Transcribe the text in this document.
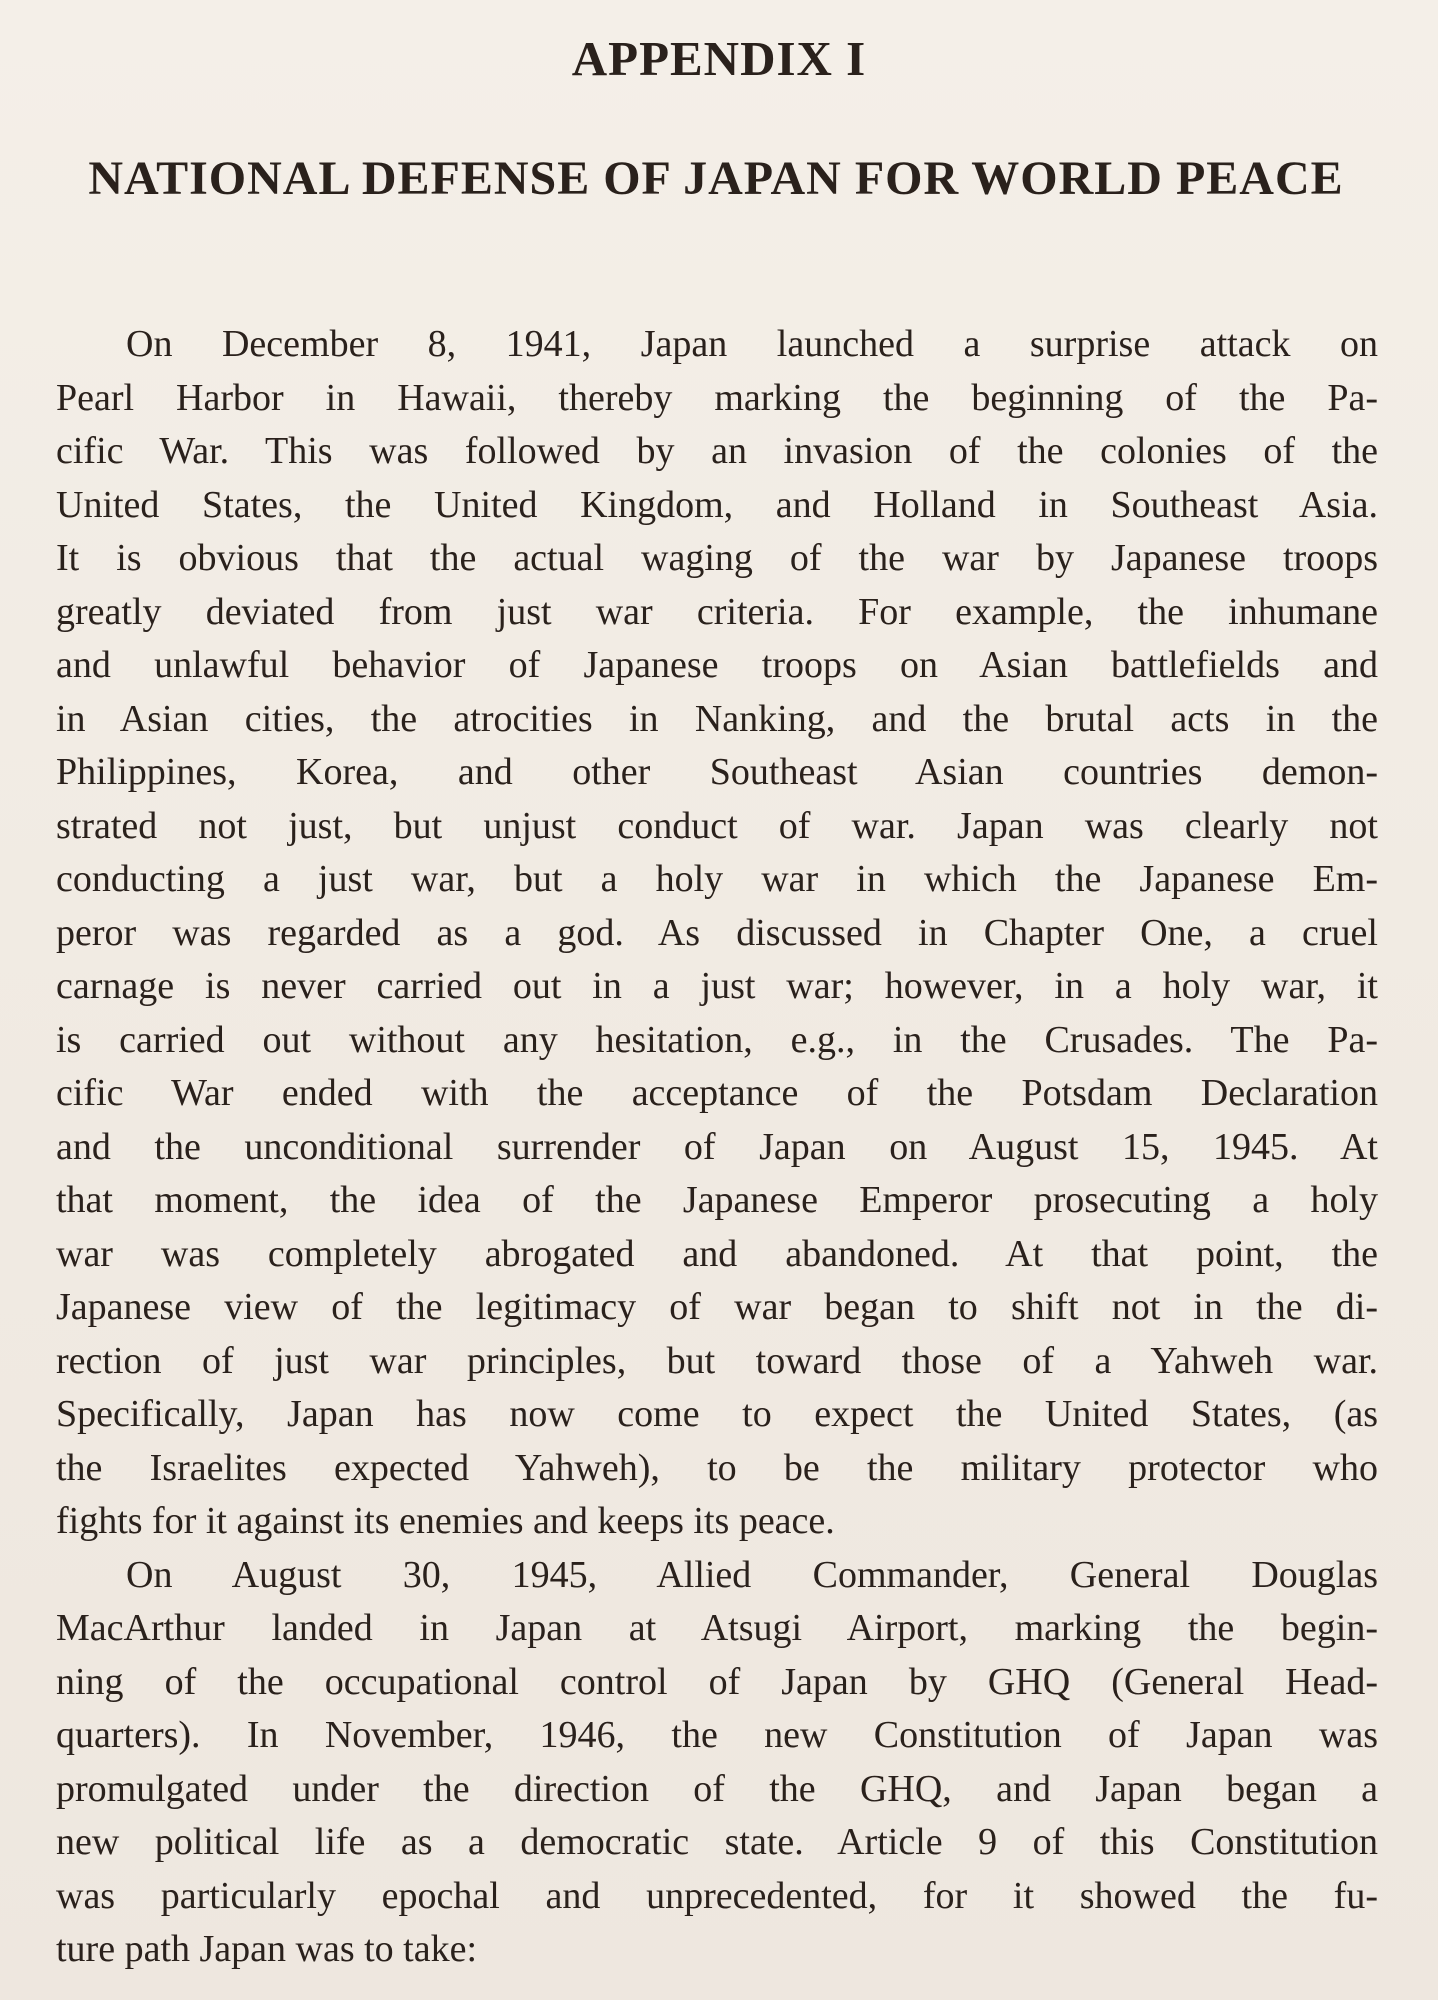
APPENDIX I
NATIONAL DEFENSE OF JAPAN FOR WORLD PEACE

On December 8, 1941, Japan launched a surprise attack on
Pearl Harbor in Hawaii, thereby marking the beginning of the Pa-
cific War. This was followed by an invasion of the colonies of the
United States, the United Kingdom, and Holland in Southeast Asia.
It is obvious that the actual waging of the war by Japanese troops
greatly deviated from just war criteria. For example, the inhumane
and unlawful behavior of Japanese troops on Asian battlefields and
in Asian cities, the atrocities in Nanking, and the brutal acts in the
Philippines, Korea, and other Southeast Asian countries demon-
strated not just, but unjust conduct of war. Japan was clearly not
conducting a just war, but a holy war in which the Japanese Em-
peror was regarded as a god. As discussed in Chapter One, a cruel
carnage is never carried out in a just war; however, in a holy war, it
is carried out without any hesitation, e.g., in the Crusades. The Pa-
cific War ended with the acceptance of the Potsdam Declaration
and the unconditional surrender of Japan on August 15, 1945. At
that moment, the idea of the Japanese Emperor prosecuting a holy
war was completely abrogated and abandoned. At that point, the
Japanese view of the legitimacy of war began to shift not in the di-
rection of just war principles, but toward those of a Yahweh war.
Specifically, Japan has now come to expect the United States, (as
the Israelites expected Yahweh), to be the military protector who
fights for it against its enemies and keeps its peace.

On August 30, 1945, Allied Commander, General Douglas
MacArthur landed in Japan at Atsugi Airport, marking the begin-
ning of the occupational control of Japan by GHQ (General Head-
quarters). In November, 1946, the new Constitution of Japan was
promulgated under the direction of the GHQ, and Japan began a
new political life as a democratic state. Article 9 of this Constitution
was particularly epochal and unprecedented, for it showed the fu-
ture path Japan was to take:
